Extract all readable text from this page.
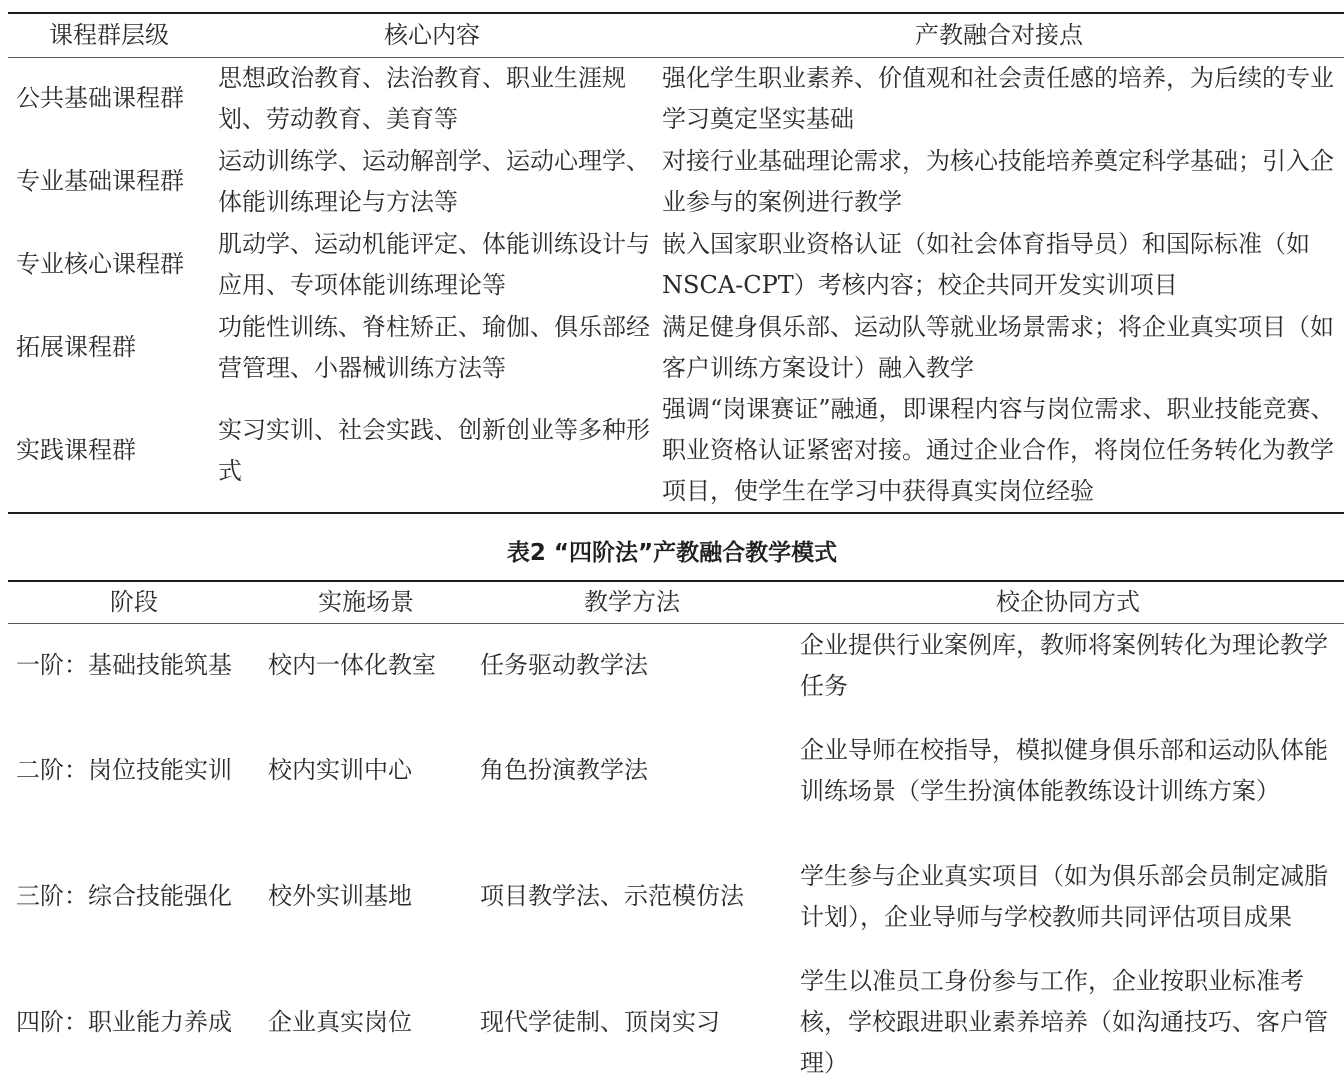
课程群层级	核心内容	产教融合对接点
公共基础课程群	思想政治教育、法治教育、职业生涯规划、劳动教育、美育等	强化学生职业素养、价值观和社会责任感的培养，为后续的专业学习奠定坚实基础
专业基础课程群	运动训练学、运动解剖学、运动心理学、体能训练理论与方法等	对接行业基础理论需求，为核心技能培养奠定科学基础；引入企业参与的案例进行教学
专业核心课程群	肌动学、运动机能评定、体能训练设计与应用、专项体能训练理论等	嵌入国家职业资格认证（如社会体育指导员）和国际标准（如NSCA-CPT）考核内容；校企共同开发实训项目
拓展课程群	功能性训练、脊柱矫正、瑜伽、俱乐部经营管理、小器械训练方法等	满足健身俱乐部、运动队等就业场景需求；将企业真实项目（如客户训练方案设计）融入教学
实践课程群	实习实训、社会实践、创新创业等多种形式	强调“岗课赛证”融通，即课程内容与岗位需求、职业技能竞赛、职业资格认证紧密对接。通过企业合作，将岗位任务转化为教学项目，使学生在学习中获得真实岗位经验
表2 “四阶法”产教融合教学模式
阶段	实施场景	教学方法	校企协同方式
一阶：基础技能筑基	校内一体化教室	任务驱动教学法	企业提供行业案例库，教师将案例转化为理论教学任务
二阶：岗位技能实训	校内实训中心	角色扮演教学法	企业导师在校指导，模拟健身俱乐部和运动队体能训练场景（学生扮演体能教练设计训练方案）
三阶：综合技能强化	校外实训基地	项目教学法、示范模仿法	学生参与企业真实项目（如为俱乐部会员制定减脂计划），企业导师与学校教师共同评估项目成果
四阶：职业能力养成	企业真实岗位	现代学徒制、顶岗实习	学生以准员工身份参与工作，企业按职业标准考核，学校跟进职业素养培养（如沟通技巧、客户管理）
